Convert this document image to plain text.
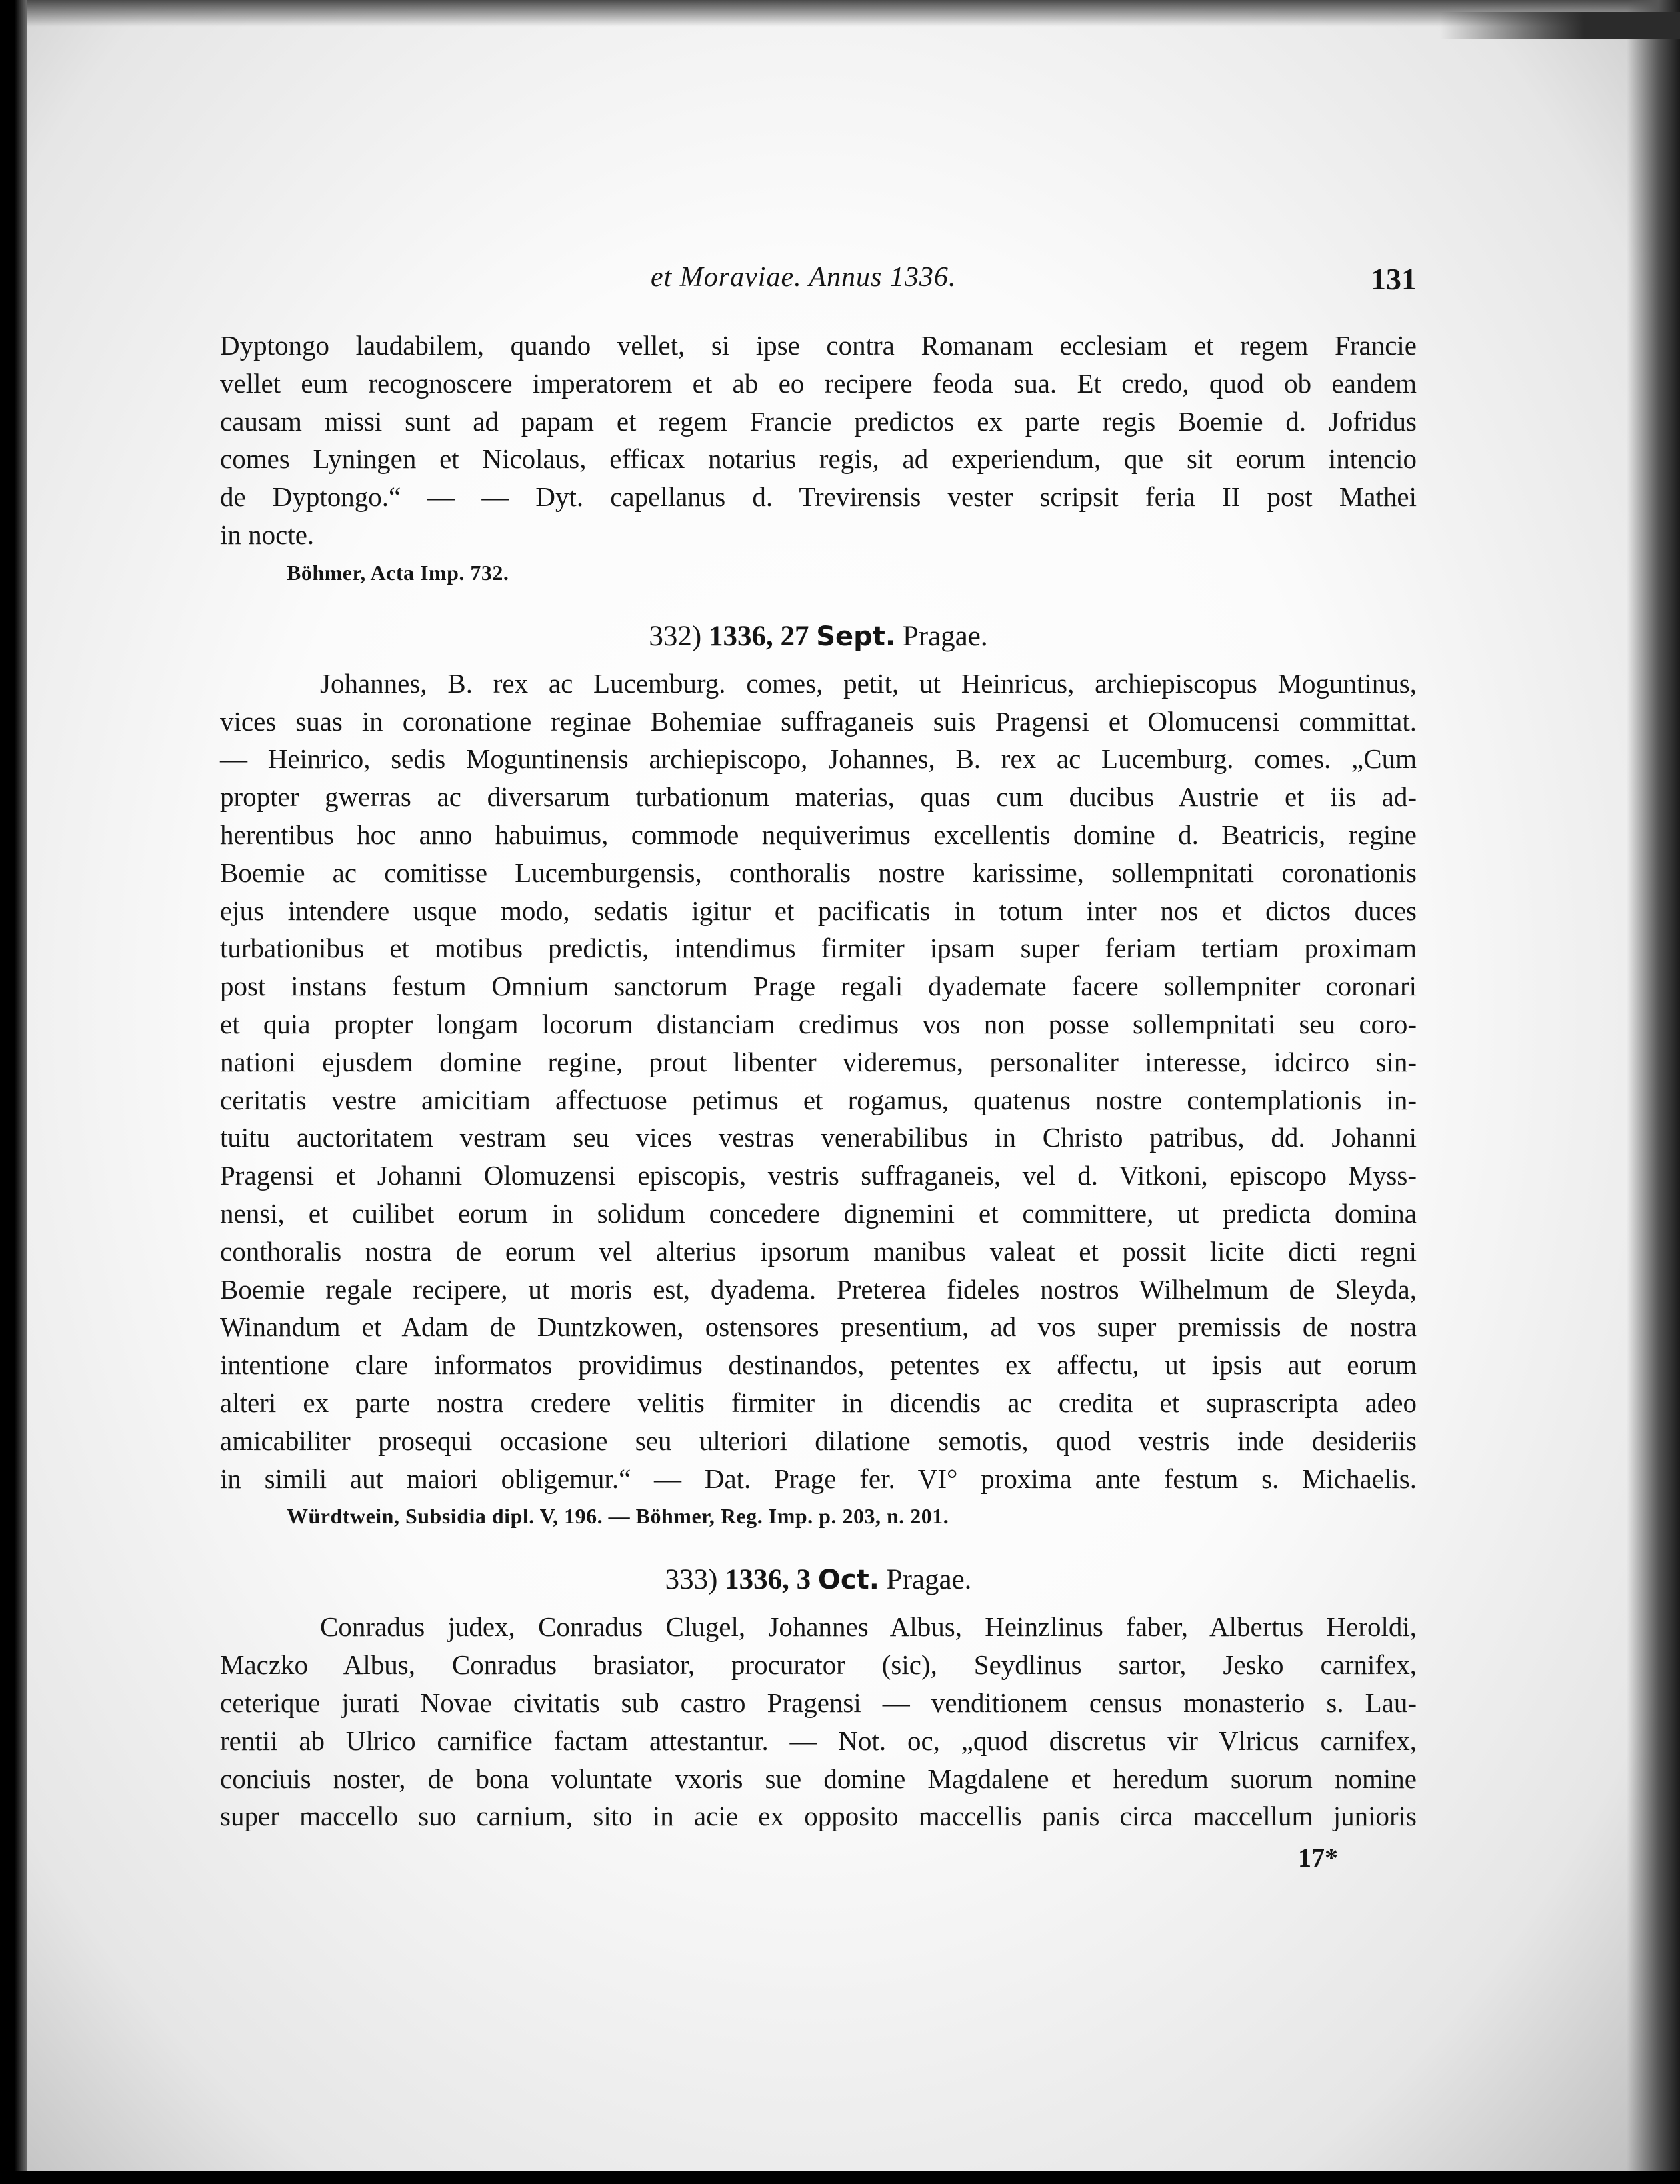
et Moraviae. Annus 1336.	131
Dyptongo laudabilem, quando vellet, si ipse contra Romanam ecclesiam et regem Francie
vellet eum recognoscere imperatorem et ab eo recipere feoda sua. Et credo, quod ob eandem
causam missi sunt ad papam et regem Francie predictos ex parte regis Boemie d. Jofridus
comes Lyningen et Nicolaus, efficax notarius regis, ad experiendum, que sit eorum intencio
de Dyptongo.“ — — Dyt. capellanus d. Trevirensis vester scripsit feria II post Mathei
in nocte.
Böhmer, Acta Imp. 732.
332) 1336, 27 Sept. Pragae.
Johannes, B. rex ac Lucemburg. comes, petit, ut Heinricus, archiepiscopus Moguntinus,
vices suas in coronatione reginae Bohemiae suffraganeis suis Pragensi et Olomucensi committat.
— Heinrico, sedis Moguntinensis archiepiscopo, Johannes, B. rex ac Lucemburg. comes. „Cum
propter gwerras ac diversarum turbationum materias, quas cum ducibus Austrie et iis ad-
herentibus hoc anno habuimus, commode nequiverimus excellentis domine d. Beatricis, regine
Boemie ac comitisse Lucemburgensis, conthoralis nostre karissime, sollempnitati coronationis
ejus intendere usque modo, sedatis igitur et pacificatis in totum inter nos et dictos duces
turbationibus et motibus predictis, intendimus firmiter ipsam super feriam tertiam proximam
post instans festum Omnium sanctorum Prage regali dyademate facere sollempniter coronari
et quia propter longam locorum distanciam credimus vos non posse sollempnitati seu coro-
nationi ejusdem domine regine, prout libenter videremus, personaliter interesse, idcirco sin-
ceritatis vestre amicitiam affectuose petimus et rogamus, quatenus nostre contemplationis in-
tuitu auctoritatem vestram seu vices vestras venerabilibus in Christo patribus, dd. Johanni
Pragensi et Johanni Olomuzensi episcopis, vestris suffraganeis, vel d. Vitkoni, episcopo Myss-
nensi, et cuilibet eorum in solidum concedere dignemini et committere, ut predicta domina
conthoralis nostra de eorum vel alterius ipsorum manibus valeat et possit licite dicti regni
Boemie regale recipere, ut moris est, dyadema. Preterea fideles nostros Wilhelmum de Sleyda,
Winandum et Adam de Duntzkowen, ostensores presentium, ad vos super premissis de nostra
intentione clare informatos providimus destinandos, petentes ex affectu, ut ipsis aut eorum
alteri ex parte nostra credere velitis firmiter in dicendis ac credita et suprascripta adeo
amicabiliter prosequi occasione seu ulteriori dilatione semotis, quod vestris inde desideriis
in simili aut maiori obligemur.“ — Dat. Prage fer. VI° proxima ante festum s. Michaelis.
Würdtwein, Subsidia dipl. V, 196. — Böhmer, Reg. Imp. p. 203, n. 201.
333) 1336, 3 Oct. Pragae.
Conradus judex, Conradus Clugel, Johannes Albus, Heinzlinus faber, Albertus Heroldi,
Maczko Albus, Conradus brasiator, procurator (sic), Seydlinus sartor, Jesko carnifex,
ceterique jurati Novae civitatis sub castro Pragensi — venditionem census monasterio s. Lau-
rentii ab Ulrico carnifice factam attestantur. — Not. oc, „quod discretus vir Vlricus carnifex,
conciuis noster, de bona voluntate vxoris sue domine Magdalene et heredum suorum nomine
super maccello suo carnium, sito in acie ex opposito maccellis panis circa maccellum junioris
17*
